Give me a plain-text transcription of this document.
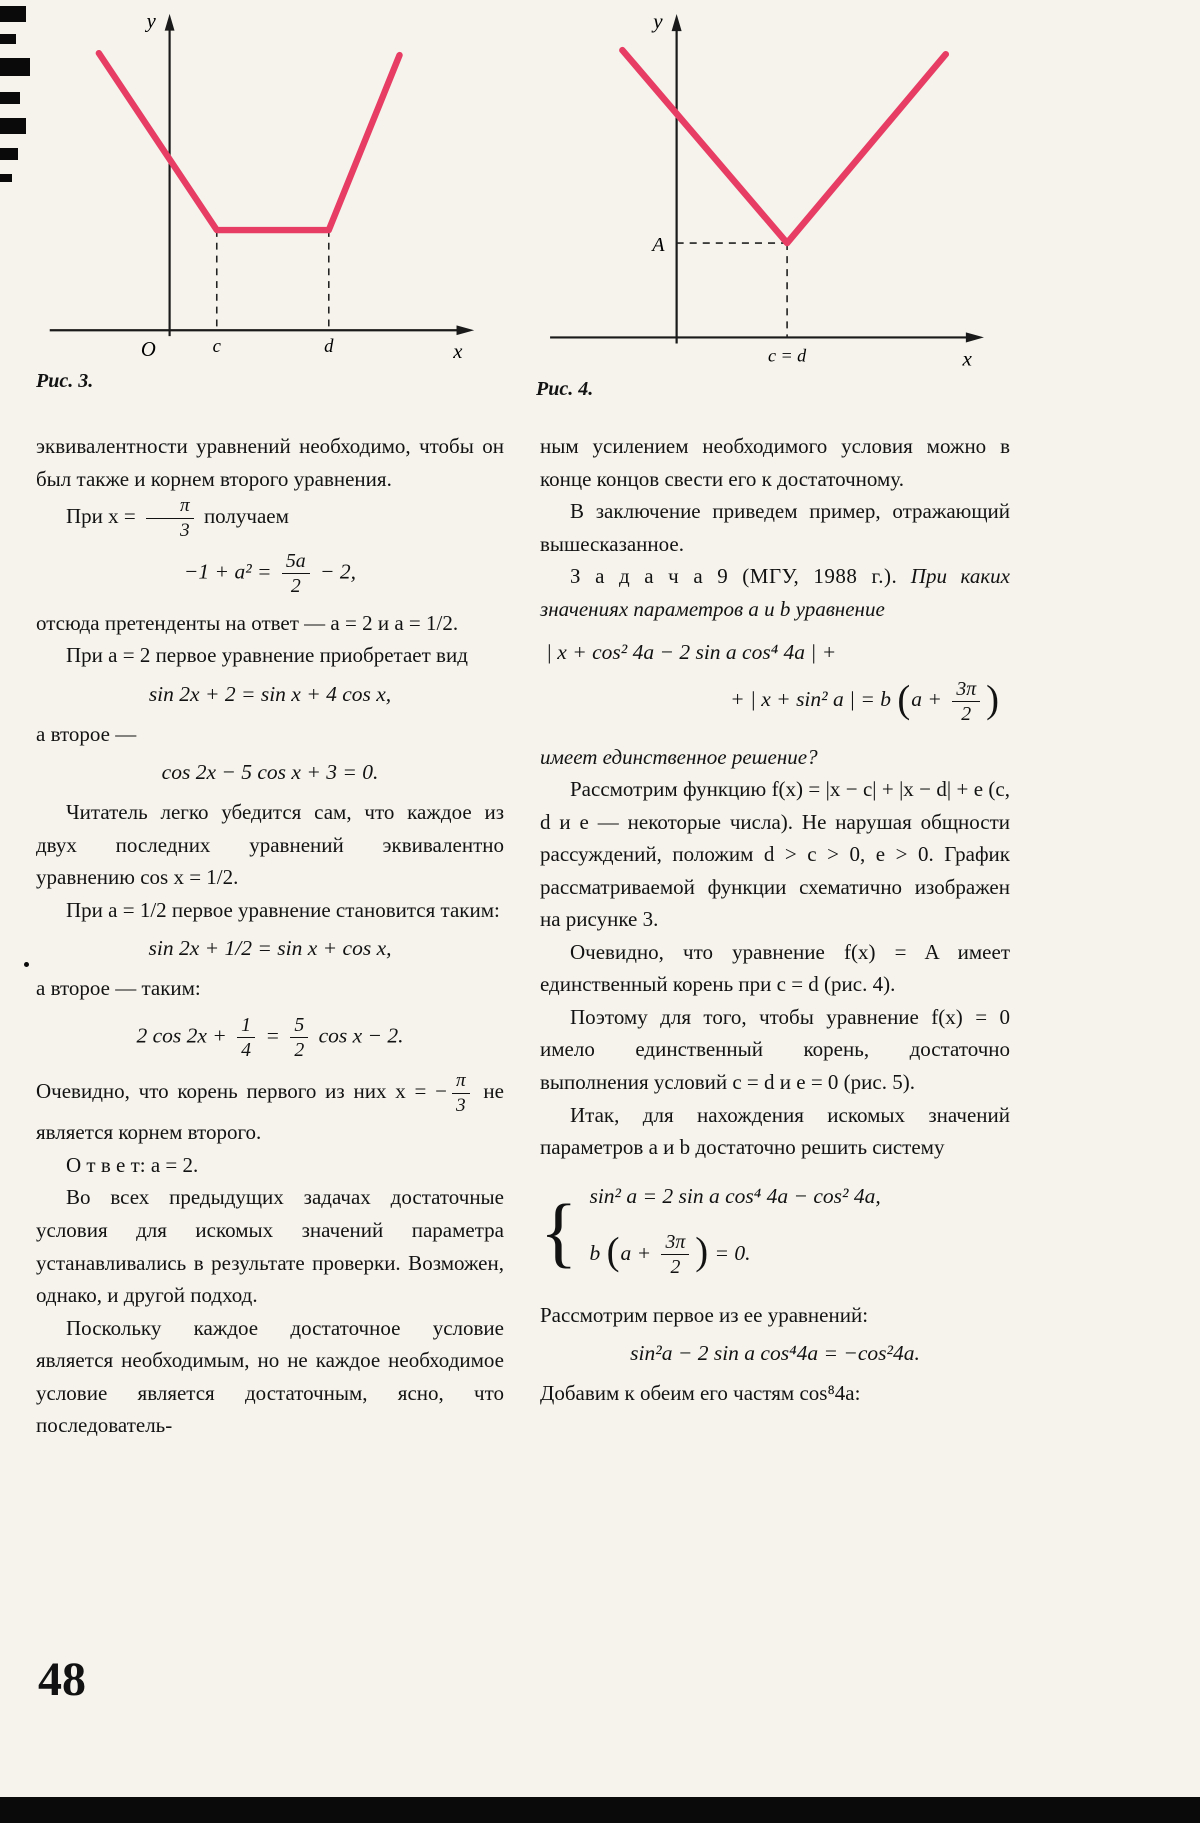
y
x
O	c	d
Рис. 3.
y
x
A
c = d
Рис. 4.

эквивалентности уравнений необходимо, чтобы он был также и корнем второго уравнения.

При $x = \frac{\pi}{3}$ получаем

$-1 + a^2 = \frac{5a}{2} - 2$,

отсюда претенденты на ответ — a = 2 и a = 1/2.

При a = 2 первое уравнение приобретает вид

sin 2x + 2 = sin x + 4 cos x,

а второе —

cos 2x − 5 cos x + 3 = 0.

Читатель легко убедится сам, что каждое из двух последних уравнений эквивалентно уравнению cos x = 1/2.

При a = 1/2 первое уравнение становится таким:

sin 2x + 1/2 = sin x + cos x,

а второе — таким:

2 $\cos 2x + \frac{1}{4} = \frac{5}{2}$ cos x − 2.

Очевидно, что корень первого из них x = − $\frac{\pi}{3}$ не является корнем второго.

О т в е т: a = 2.

Во всех предыдущих задачах достаточные условия для искомых значений параметра устанавливались в результате проверки. Возможен, однако, и другой подход.

Поскольку каждое достаточное условие является необходимым, но не каждое необходимое условие является достаточным, ясно, что последователь-

ным усилением необходимого условия можно в конце концов свести его к достаточному.

В заключение приведем пример, отражающий вышесказанное.

З а д а ч а 9 (МГУ, 1988 г.). При каких значениях параметров a и b уравнение

| x + cos² 4a − 2 sin a cos⁴ 4a | +
+ | x + sin² a | = b ($a + \frac{3\pi}{2}$ )

имеет единственное решение?

Рассмотрим функцию f(x) = |x − c| + |x − d| + e (c, d и e — некоторые числа). Не нарушая общности рассуждений, положим d > c > 0, e > 0. График рассматриваемой функции схематично изображен на рисунке 3.

Очевидно, что уравнение f(x) = A имеет единственный корень при c = d (рис. 4).

Поэтому для того, чтобы уравнение f(x) = 0 имело единственный корень, достаточно выполнения условий c = d и e = 0 (рис. 5).

Итак, для нахождения искомых значений параметров a и b достаточно решить систему

{ sin² a = 2 sin a cos⁴ 4a − cos² 4a,
b ($a + \frac{3\pi}{2}$ ) = 0.

Рассмотрим первое из ее уравнений:

sin²a − 2 sin a cos⁴4a = −cos²4a.

Добавим к обеим его частям cos⁸4a:

48
